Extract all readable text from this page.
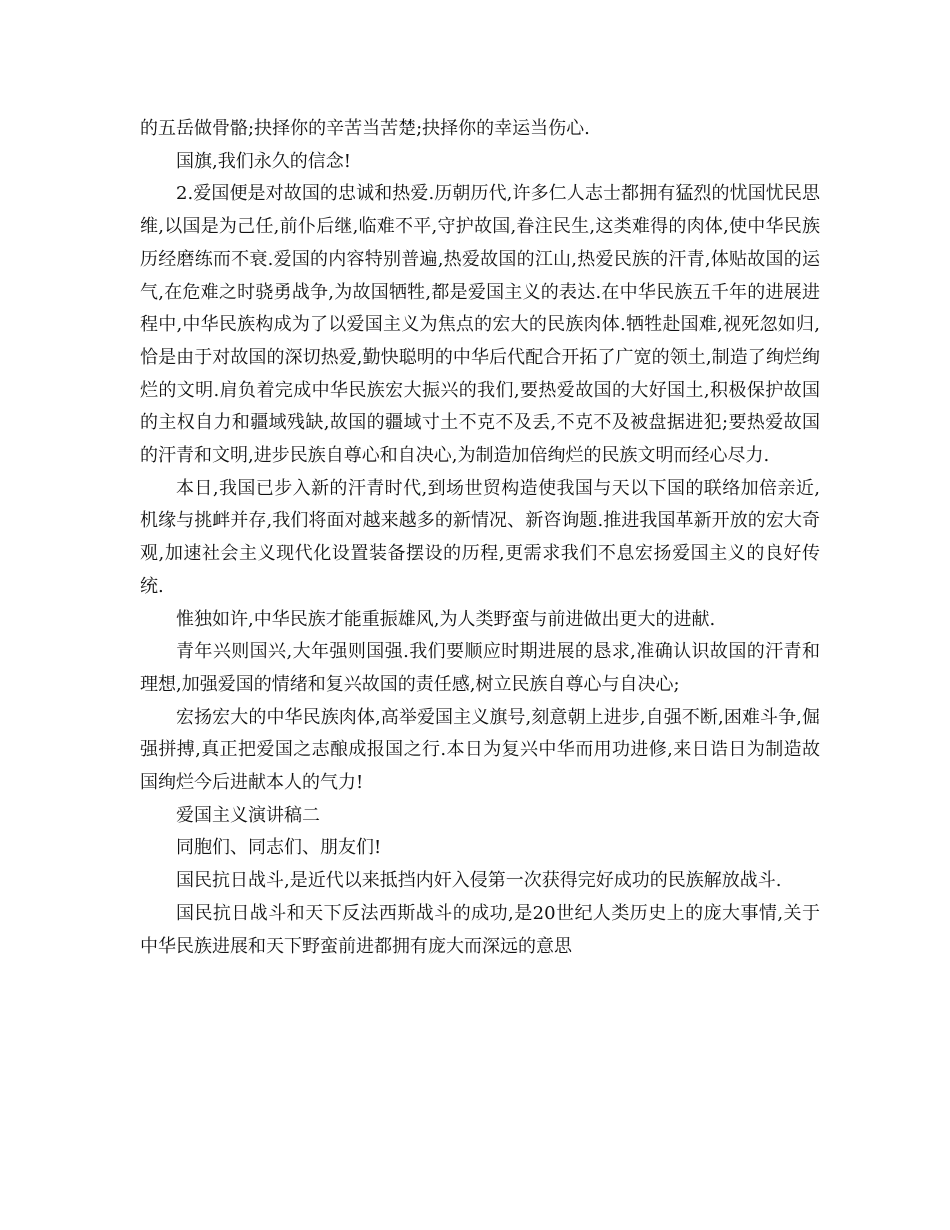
的五岳做骨骼;抉择你的辛苦当苦楚;抉择你的幸运当伤心.

国旗,我们永久的信念!

2.爱国便是对故国的忠诚和热爱.历朝历代,许多仁人志士都拥有猛烈的忧国忧民思维,以国是为己任,前仆后继,临难不平,守护故国,眷注民生,这类难得的肉体,使中华民族历经磨练而不衰.爱国的内容特别普遍,热爱故国的江山,热爱民族的汗青,体贴故国的运气,在危难之时骁勇战争,为故国牺牲,都是爱国主义的表达.在中华民族五千年的进展进程中,中华民族构成为了以爱国主义为焦点的宏大的民族肉体.牺牲赴国难,视死忽如归,恰是由于对故国的深切热爱,勤快聪明的中华后代配合开拓了广宽的领土,制造了绚烂绚烂的文明.肩负着完成中华民族宏大振兴的我们,要热爱故国的大好国土,积极保护故国的主权自力和疆域残缺,故国的疆域寸土不克不及丢,不克不及被盘据进犯;要热爱故国的汗青和文明,进步民族自尊心和自决心,为制造加倍绚烂的民族文明而经心尽力.

本日,我国已步入新的汗青时代,到场世贸构造使我国与天以下国的联络加倍亲近,机缘与挑衅并存,我们将面对越来越多的新情况、新咨询题.推进我国革新开放的宏大奇观,加速社会主义现代化设置装备摆设的历程,更需求我们不息宏扬爱国主义的良好传统.

惟独如许,中华民族才能重振雄风,为人类野蛮与前进做出更大的进献.

青年兴则国兴,大年强则国强.我们要顺应时期进展的恳求,准确认识故国的汗青和理想,加强爱国的情绪和复兴故国的责任感,树立民族自尊心与自决心;

宏扬宏大的中华民族肉体,高举爱国主义旗号,刻意朝上进步,自强不断,困难斗争,倔强拼搏,真正把爱国之志酿成报国之行.本日为复兴中华而用功进修,来日诰日为制造故国绚烂今后进献本人的气力!

爱国主义演讲稿二

同胞们、同志们、朋友们!

国民抗日战斗,是近代以来抵挡内奸入侵第一次获得完好成功的民族解放战斗.

国民抗日战斗和天下反法西斯战斗的成功,是20世纪人类历史上的庞大事情,关于中华民族进展和天下野蛮前进都拥有庞大而深远的意思
